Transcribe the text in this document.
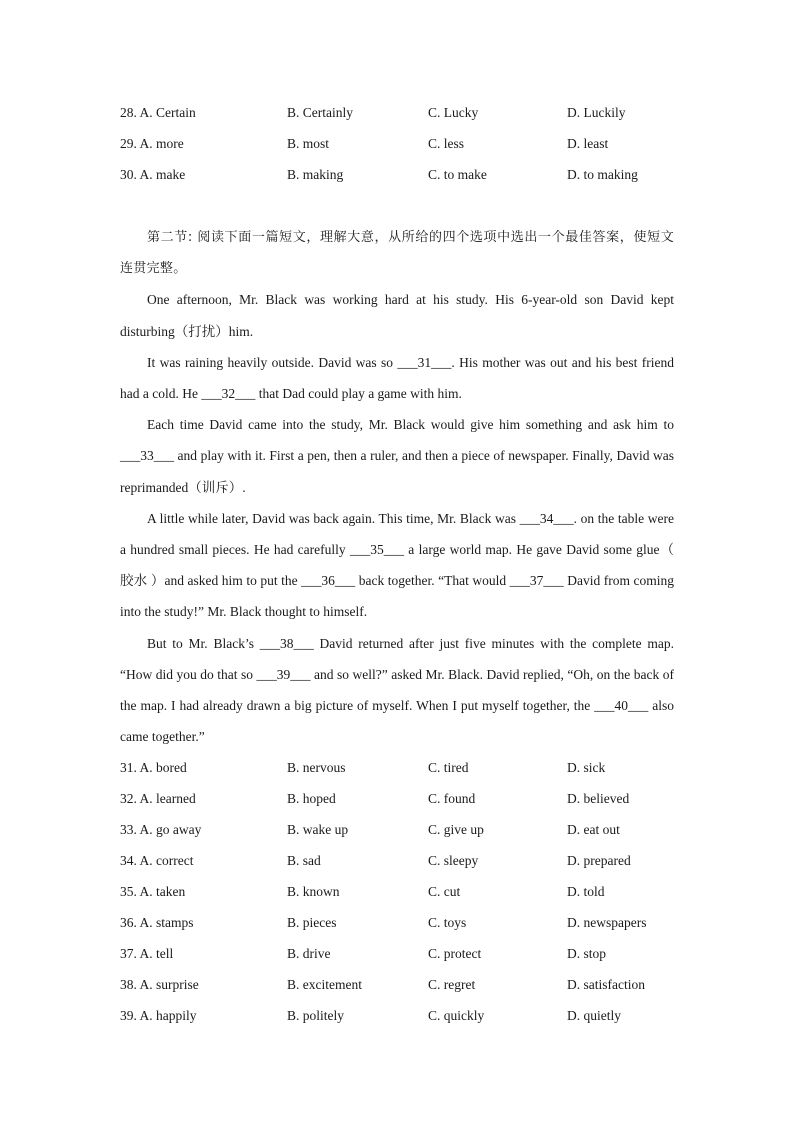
28. A. Certain	B. Certainly	C. Lucky	D. Luckily
29. A. more	B. most	C. less	D. least
30. A. make	B. making	C. to make	D. to making

第二节: 阅读下面一篇短文，理解大意，从所给的四个选项中选出一个最佳答案，使短文连贯完整。

One afternoon, Mr. Black was working hard at his study. His 6-year-old son David kept disturbing（打扰）him.

It was raining heavily outside. David was so ___31___. His mother was out and his best friend had a cold. He ___32___ that Dad could play a game with him.

Each time David came into the study, Mr. Black would give him something and ask him to ___33___ and play with it. First a pen, then a ruler, and then a piece of newspaper. Finally, David was reprimanded（训斥）.

A little while later, David was back again. This time, Mr. Black was ___34___. on the table were a hundred small pieces. He had carefully ___35___ a large world map. He gave David some glue（ 胶水 ）and asked him to put the ___36___ back together. “That would ___37___ David from coming into the study!” Mr. Black thought to himself.

But to Mr. Black’s ___38___ David returned after just five minutes with the complete map. “How did you do that so ___39___ and so well?” asked Mr. Black. David replied, “Oh, on the back of the map. I had already drawn a big picture of myself. When I put myself together, the ___40___ also came together.”

31. A. bored	B. nervous	C. tired	D. sick
32. A. learned	B. hoped	C. found	D. believed
33. A. go away	B. wake up	C. give up	D. eat out
34. A. correct	B. sad	C. sleepy	D. prepared
35. A. taken	B. known	C. cut	D. told
36. A. stamps	B. pieces	C. toys	D. newspapers
37. A. tell	B. drive	C. protect	D. stop
38. A. surprise	B. excitement	C. regret	D. satisfaction
39. A. happily	B. politely	C. quickly	D. quietly
